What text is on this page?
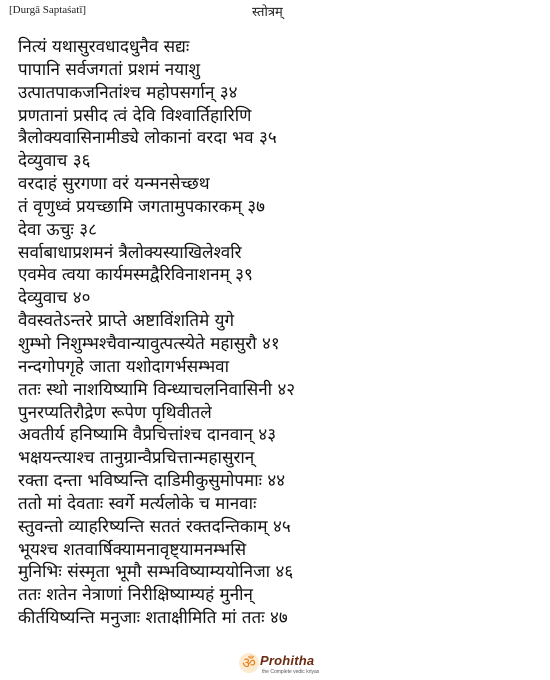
[Durgā Saptaśatī]	स्तोत्रम्
नित्यं यथासुरवधादधुनैव सद्यः
पापानि सर्वजगतां प्रशमं नयाशु
उत्पातपाकजनितांश्च महोपसर्गान् ३४
प्रणतानां प्रसीद त्वं देवि विश्वार्तिहारिणि
त्रैलोक्यवासिनामीड्ये लोकानां वरदा भव ३५
देव्युवाच ३६
वरदाहं सुरगणा वरं यन्मनसेच्छथ
तं वृणुध्वं प्रयच्छामि जगतामुपकारकम् ३७
देवा ऊचुः ३८
सर्वाबाधाप्रशमनं त्रैलोक्यस्याखिलेश्वरि
एवमेव त्वया कार्यमस्मद्वैरिविनाशनम् ३९
देव्युवाच ४०
वैवस्वतेऽन्तरे प्राप्ते अष्टाविंशतिमे युगे
शुम्भो निशुम्भश्चैवान्यावुत्पत्स्येते महासुरौ ४१
नन्दगोपगृहे जाता यशोदागर्भसम्भवा
ततः स्थो नाशयिष्यामि विन्ध्याचलनिवासिनी ४२
पुनरप्यतिरौद्रेण रूपेण पृथिवीतले
अवतीर्य हनिष्यामि वैप्रचित्तांश्च दानवान् ४३
भक्षयन्त्याश्च तानुग्रान्वैप्रचित्तान्महासुरान्
रक्ता दन्ता भविष्यन्ति दाडिमीकुसुमोपमाः ४४
ततो मां देवताः स्वर्गे मर्त्यलोके च मानवाः
स्तुवन्तो व्याहरिष्यन्ति सततं रक्तदन्तिकाम् ४५
भूयश्च शतवार्षिक्यामनावृष्ट्यामनम्भसि
मुनिभिः संस्मृता भूमौ सम्भविष्याम्ययोनिजा ४६
ततः शतेन नेत्राणां निरीक्षिष्याम्यहं मुनीन्
कीर्तयिष्यन्ति मनुजाः शताक्षीमिति मां ततः ४७
ॐ Prohitha
the Complete vedic kriyas
